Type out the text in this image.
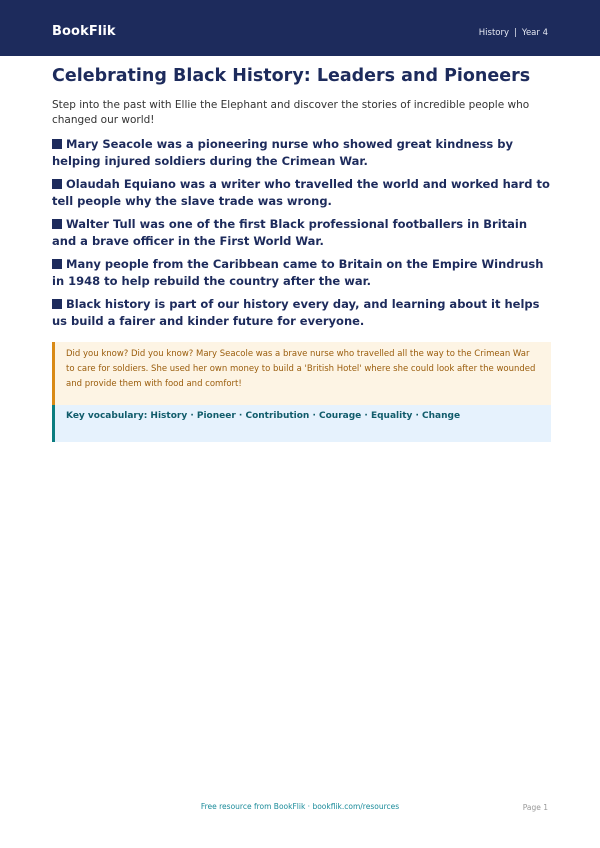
BookFlik	History | Year 4
Celebrating Black History: Leaders and Pioneers

Step into the past with Ellie the Elephant and discover the stories of incredible people who changed our world!

Mary Seacole was a pioneering nurse who showed great kindness by helping injured soldiers during the Crimean War.
Olaudah Equiano was a writer who travelled the world and worked hard to tell people why the slave trade was wrong.
Walter Tull was one of the first Black professional footballers in Britain and a brave officer in the First World War.
Many people from the Caribbean came to Britain on the Empire Windrush in 1948 to help rebuild the country after the war.
Black history is part of our history every day, and learning about it helps us build a fairer and kinder future for everyone.

Did you know? Did you know? Mary Seacole was a brave nurse who travelled all the way to the Crimean War to care for soldiers. She used her own money to build a 'British Hotel' where she could look after the wounded and provide them with food and comfort!

Key vocabulary: History · Pioneer · Contribution · Courage · Equality · Change

Free resource from BookFlik · bookflik.com/resources	Page 1
